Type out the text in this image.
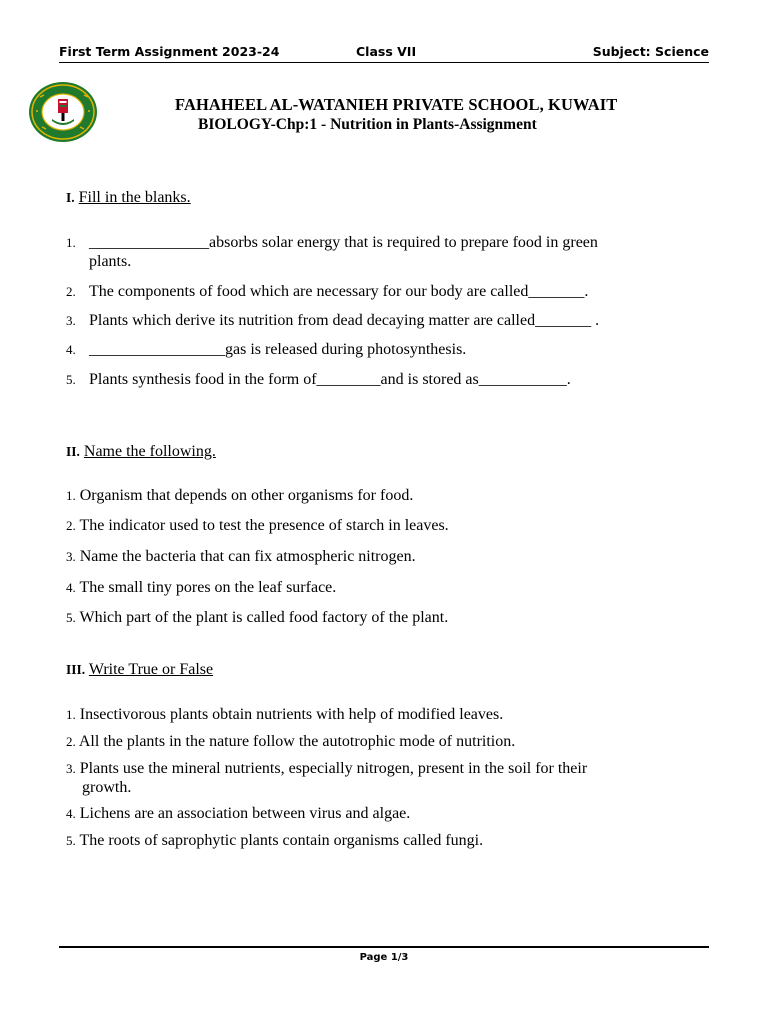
First Term Assignment 2023-24	Class VII	Subject: Science
FAHAHEEL AL-WATANIEH PRIVATE SCHOOL, KUWAIT
BIOLOGY-Chp:1 - Nutrition in Plants-Assignment
I. Fill in the blanks.
1. _______________absorbs solar energy that is required to prepare food in green
plants.
2. The components of food which are necessary for our body are called_______.
3. Plants which derive its nutrition from dead decaying matter are called_______ .
4. _________________gas is released during photosynthesis.
5. Plants synthesis food in the form of________and is stored as___________.
II. Name the following.
1. Organism that depends on other organisms for food.
2. The indicator used to test the presence of starch in leaves.
3. Name the bacteria that can fix atmospheric nitrogen.
4. The small tiny pores on the leaf surface.
5. Which part of the plant is called food factory of the plant.
III. Write True or False
1. Insectivorous plants obtain nutrients with help of modified leaves.
2. All the plants in the nature follow the autotrophic mode of nutrition.
3. Plants use the mineral nutrients, especially nitrogen, present in the soil for their
growth.
4. Lichens are an association between virus and algae.
5. The roots of saprophytic plants contain organisms called fungi.
Page 1/3
